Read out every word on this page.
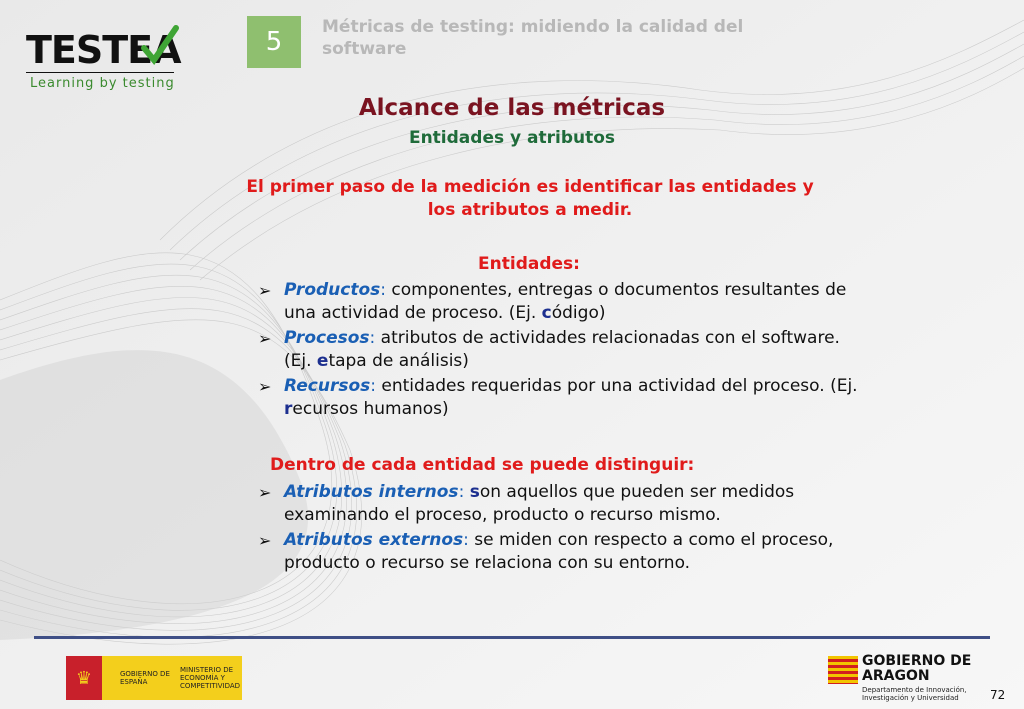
TESTEA
Learning by testing
5	Métricas de testing: midiendo la calidad del software
Alcance de las métricas
Entidades y atributos
El primer paso de la medición es identificar las entidades y los atributos a medir.
Entidades:
➢ Productos: componentes, entregas o documentos resultantes de una actividad de proceso. (Ej. código)
➢ Procesos: atributos de actividades relacionadas con el software. (Ej. etapa de análisis)
➢ Recursos: entidades requeridas por una actividad del proceso. (Ej. recursos humanos)
Dentro de cada entidad se puede distinguir:
➢ Atributos internos: son aquellos que pueden ser medidos examinando el proceso, producto o recurso mismo.
➢ Atributos externos: se miden con respecto a como el proceso, producto o recurso se relaciona con su entorno.
♛	GOBIERNO DE ESPAÑA
MINISTERIO DE ECONOMÍA Y COMPETITIVIDAD
GOBIERNO DE ARAGON
Departamento de Innovación, Investigación y Universidad	72
